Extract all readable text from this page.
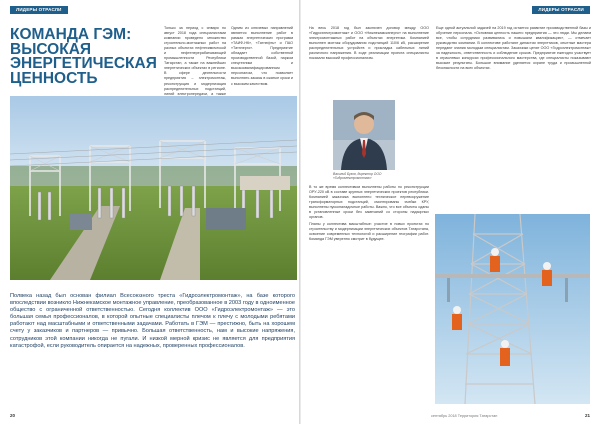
ЛИДЕРЫ ОТРАСЛИ
КОМАНДА ГЭМ: ВЫСОКАЯ ЭНЕРГЕТИЧЕСКАЯ ЦЕННОСТЬ

Только за период с января по август 2018 года специалистами компании проведено множество строительно-монтажных работ на разных объектах нефтехимической и нефтеперерабатывающей промышленности Республики Татарстан, а также на важнейших энергетических объектах в регионе. В сфере деятельности предприятия – электромонтаж, реконструкция и модернизация распределительных подстанций, линий электропередачи, а также

Одним из ключевых направлений является выполнение работ в рамках энергетических программ «ТАИФ-НК», «Татнефть» и ПАО «Татэнерго». Предприятие обладает собственной производственной базой, парком спецтехники и высококвалифицированным персоналом, что позволяет выполнять заказы в сжатые сроки и с высоким качеством.

Полвека назад был основан филиал Всесоюзного треста «Гидроэлектромонтаж», на базе которого впоследствии возникло Нижнекамское монтажное управление, преобразованное в 2003 году в одноименное общество с ограниченной ответственностью. Сегодня коллектив ООО «Гидроэлектромонтаж» — это большая семья профессионалов, в которой опытные специалисты плечом к плечу с молодыми ребятами работают над масштабными и ответственными задачами. Работать в ГЭМ — престижно, быть на хорошем счету у заказчиков и партнеров — привычно. Большая ответственность, нам и высокие напряжения, сотрудников этой компании никогда не пугали. И низкой мерной кризис не является для предприятия катастрофой, если руководитель опирается на надежных, проверенных профессионалов.

20
ЛИДЕРЫ ОТРАСЛИ

На весь 2018 год был заключен договор между ООО «Гидроэлектромонтаж» и ООО «Нижнекамскэнерго» на выполнение электромонтажных работ на объектах энергетики. Компанией выполнен монтаж оборудования подстанций 110/6 кВ, расширение распределительных устройств и прокладка кабельных линий различного напряжения. В ходе реализации проекта специалисты показали высокий профессионализм.

Василий Бузов, директор ООО «Гидроэлектромонтаж»

В то же время коллективом выполнены работы по реконструкции ОРУ-220 кВ в составе крупных энергетических проектов республики. Компанией заказчика выполнено техническое перевооружение трансформаторных подстанций, смонтированы ячейки КРУ, выполнены пусконаладочные работы. Важно, что все объекты сданы в установленные сроки без замечаний со стороны надзорных органов.

Планы у коллектива масштабные: участие в новых проектах по строительству и модернизации энергетических объектов Татарстана, освоение современных технологий и расширение географии работ. Команда ГЭМ уверенно смотрит в будущее.

Еще одной актуальной задачей на 2019 год остается развитие производственной базы и обучение персонала. «Основная ценность нашего предприятия — это люди. Мы делаем все, чтобы сотрудники развивались и повышали квалификацию», — отмечает руководство компании. В коллективе работают династии энергетиков, опытные мастера передают знания молодым специалистам. Заказчики ценят ООО «Гидроэлектромонтаж» за надежность, ответственность и соблюдение сроков. Предприятие ежегодно участвует в отраслевых конкурсах профессионального мастерства, где специалисты показывают высокие результаты. Большое внимание уделяется охране труда и промышленной безопасности на всех объектах.

сентябрь 2018 Территория Татарстан	21
